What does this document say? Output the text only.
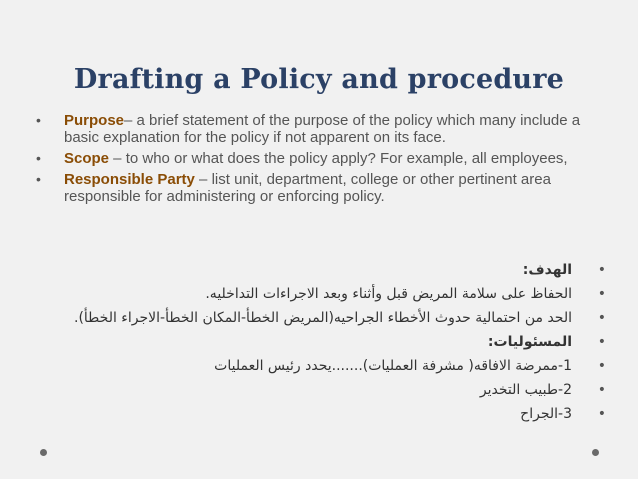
Drafting a Policy and procedure
• Purpose– a brief statement of the purpose of the policy which many include a basic explanation for the policy if not apparent on its face.
• Scope – to who or what does the policy apply? For example, all employees,
• Responsible Party – list unit, department, college or other pertinent area responsible for administering or enforcing policy.
•
الهدف:
•
الحفاظ على سلامة المريض قبل وأثناء وبعد الاجراءات التداخليه.
•
الحد من احتمالية حدوث الأخطاء الجراحيه(المريض الخطأ-المكان الخطأ-الاجراء الخطأ).
•
المسئوليات:
•
1-ممرضة الافاقه( مشرفة العمليات).......يحدد رئيس العمليات
•
2-طبيب التخدير
•
3-الجراح
